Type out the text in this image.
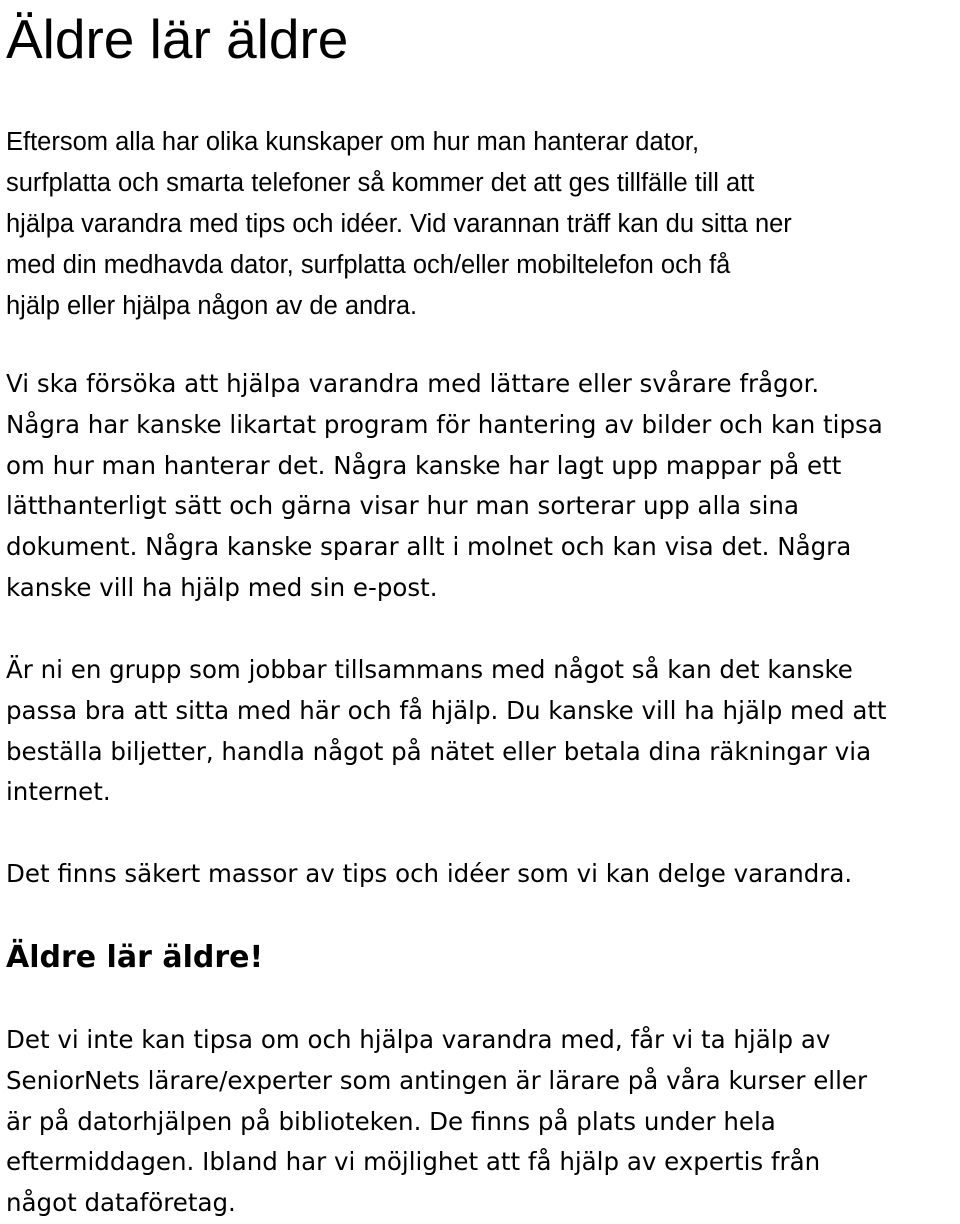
Äldre lär äldre

Eftersom alla har olika kunskaper om hur man hanterar dator,
surfplatta och smarta telefoner så kommer det att ges tillfälle till att
hjälpa varandra med tips och idéer. Vid varannan träff kan du sitta ner
med din medhavda dator, surfplatta och/eller mobiltelefon och få
hjälp eller hjälpa någon av de andra.

Vi ska försöka att hjälpa varandra med lättare eller svårare frågor.
Några har kanske likartat program för hantering av bilder och kan tipsa
om hur man hanterar det. Några kanske har lagt upp mappar på ett
lätthanterligt sätt och gärna visar hur man sorterar upp alla sina
dokument. Några kanske sparar allt i molnet och kan visa det. Några
kanske vill ha hjälp med sin e-post.

Är ni en grupp som jobbar tillsammans med något så kan det kanske
passa bra att sitta med här och få hjälp. Du kanske vill ha hjälp med att
beställa biljetter, handla något på nätet eller betala dina räkningar via
internet.

Det finns säkert massor av tips och idéer som vi kan delge varandra.

Äldre lär äldre!

Det vi inte kan tipsa om och hjälpa varandra med, får vi ta hjälp av
SeniorNets lärare/experter som antingen är lärare på våra kurser eller
är på datorhjälpen på biblioteken. De finns på plats under hela
eftermiddagen. Ibland har vi möjlighet att få hjälp av expertis från
något dataföretag.
